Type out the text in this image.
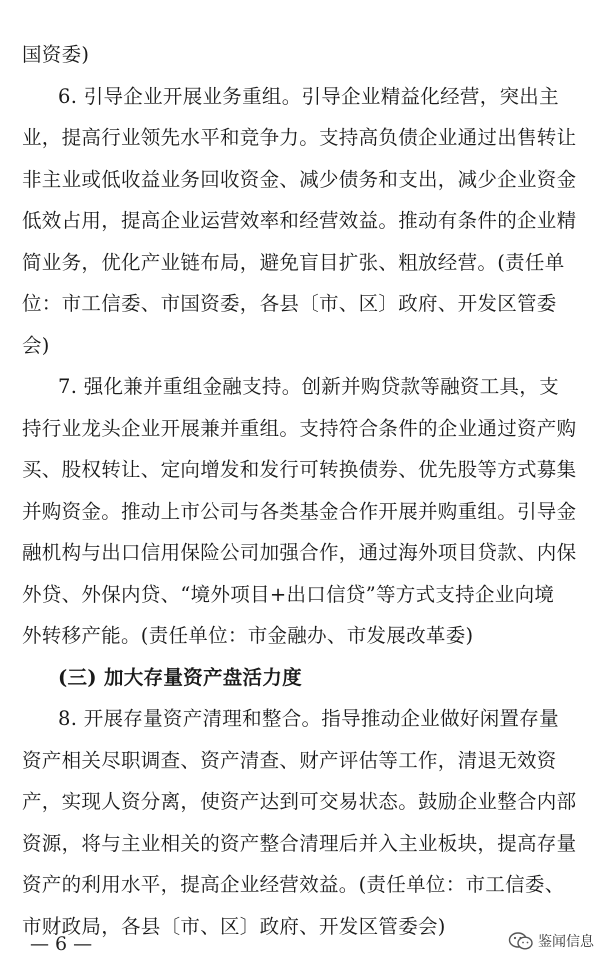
国资委)
6. 引导企业开展业务重组。引导企业精益化经营，突出主
业，提高行业领先水平和竞争力。支持高负债企业通过出售转让
非主业或低收益业务回收资金、减少债务和支出，减少企业资金
低效占用，提高企业运营效率和经营效益。推动有条件的企业精
简业务，优化产业链布局，避免盲目扩张、粗放经营。(责任单
位：市工信委、市国资委，各县〔市、区〕政府、开发区管委
会)
7. 强化兼并重组金融支持。创新并购贷款等融资工具，支
持行业龙头企业开展兼并重组。支持符合条件的企业通过资产购
买、股权转让、定向增发和发行可转换债券、优先股等方式募集
并购资金。推动上市公司与各类基金合作开展并购重组。引导金
融机构与出口信用保险公司加强合作，通过海外项目贷款、内保
外贷、外保内贷、“境外项目+出口信贷”等方式支持企业向境
外转移产能。(责任单位：市金融办、市发展改革委)
(三) 加大存量资产盘活力度
8. 开展存量资产清理和整合。指导推动企业做好闲置存量
资产相关尽职调查、资产清查、财产评估等工作，清退无效资
产，实现人资分离，使资产达到可交易状态。鼓励企业整合内部
资源，将与主业相关的资产整合清理后并入主业板块，提高存量
资产的利用水平，提高企业经营效益。(责任单位：市工信委、
市财政局，各县〔市、区〕政府、开发区管委会)
— 6 —	鉴闻信息
